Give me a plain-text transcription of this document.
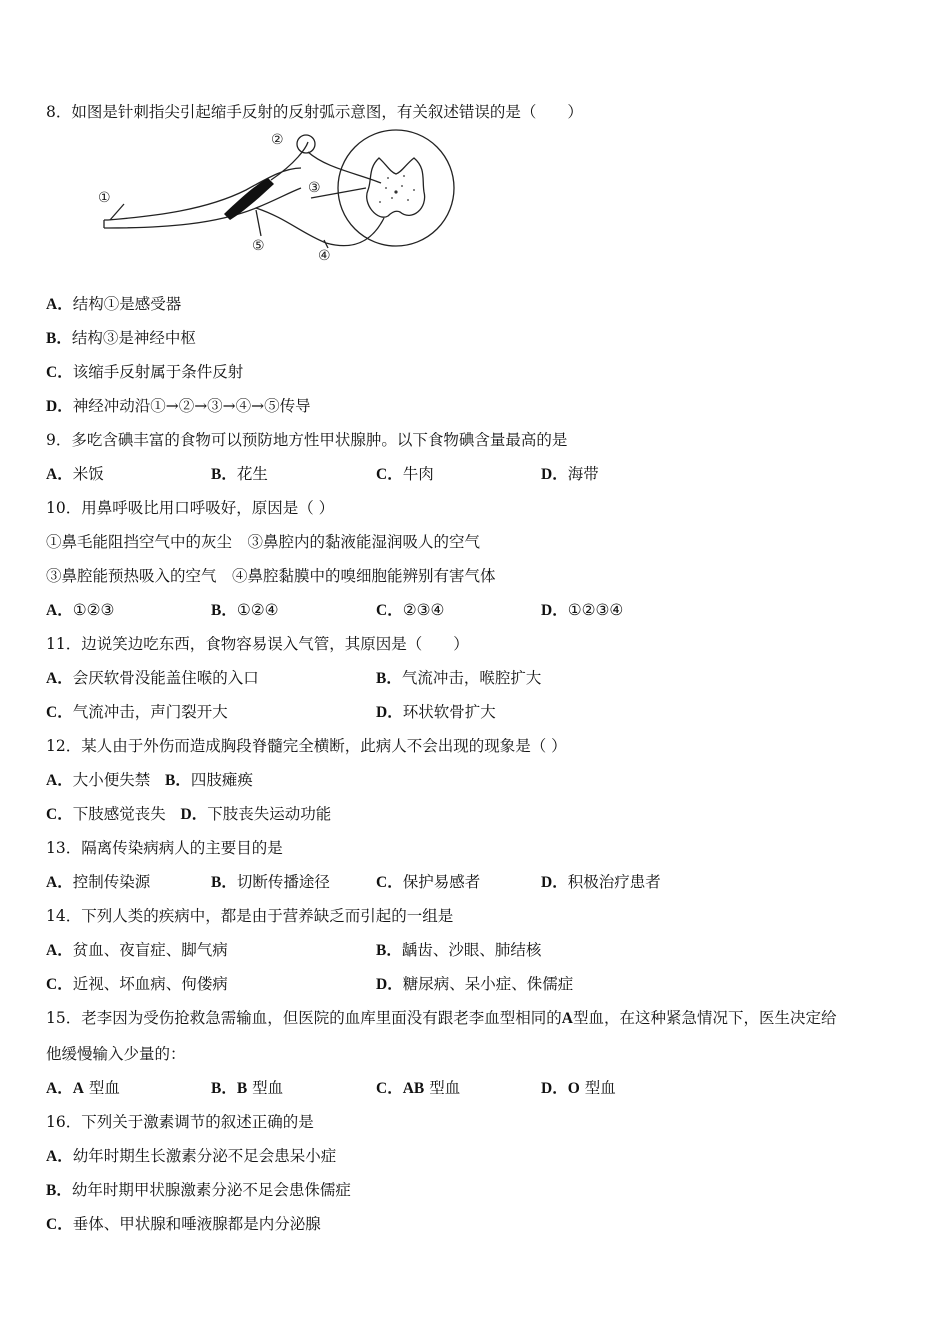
8．如图是针刺指尖引起缩手反射的反射弧示意图，有关叙述错误的是（　　）
①
②
③
④
⑤
A．结构①是感受器
B．结构③是神经中枢
C．该缩手反射属于条件反射
D．神经冲动沿①→②→③→④→⑤传导
9．多吃含碘丰富的食物可以预防地方性甲状腺肿。以下食物碘含量最高的是
A．米饭	B．花生	C．牛肉	D．海带
10．用鼻呼吸比用口呼吸好，原因是（ ）
①鼻毛能阻挡空气中的灰尘　③鼻腔内的黏液能湿润吸人的空气
③鼻腔能预热吸入的空气　④鼻腔黏膜中的嗅细胞能辨别有害气体
A．①②③	B．①②④	C．②③④	D．①②③④
11．边说笑边吃东西，食物容易误入气管，其原因是（　　）
A．会厌软骨没能盖住喉的入口	B．气流冲击，喉腔扩大
C．气流冲击，声门裂开大	D．环状软骨扩大
12．某人由于外伤而造成胸段脊髓完全横断，此病人不会出现的现象是（ ）
A．大小便失禁 B．四肢瘫痪
C．下肢感觉丧失 D．下肢丧失运动功能
13．隔离传染病病人的主要目的是
A．控制传染源	B．切断传播途径	C．保护易感者	D．积极治疗患者
14．下列人类的疾病中，都是由于营养缺乏而引起的一组是
A．贫血、夜盲症、脚气病	B．龋齿、沙眼、肺结核
C．近视、坏血病、佝偻病	D．糖尿病、呆小症、侏儒症
15．老李因为受伤抢救急需输血，但医院的血库里面没有跟老李血型相同的A型血，在这种紧急情况下，医生决定给
他缓慢输入少量的：
A．A 型血	B．B 型血	C．AB 型血	D．O 型血
16．下列关于激素调节的叙述正确的是
A．幼年时期生长激素分泌不足会患呆小症
B．幼年时期甲状腺激素分泌不足会患侏儒症
C．垂体、甲状腺和唾液腺都是内分泌腺
